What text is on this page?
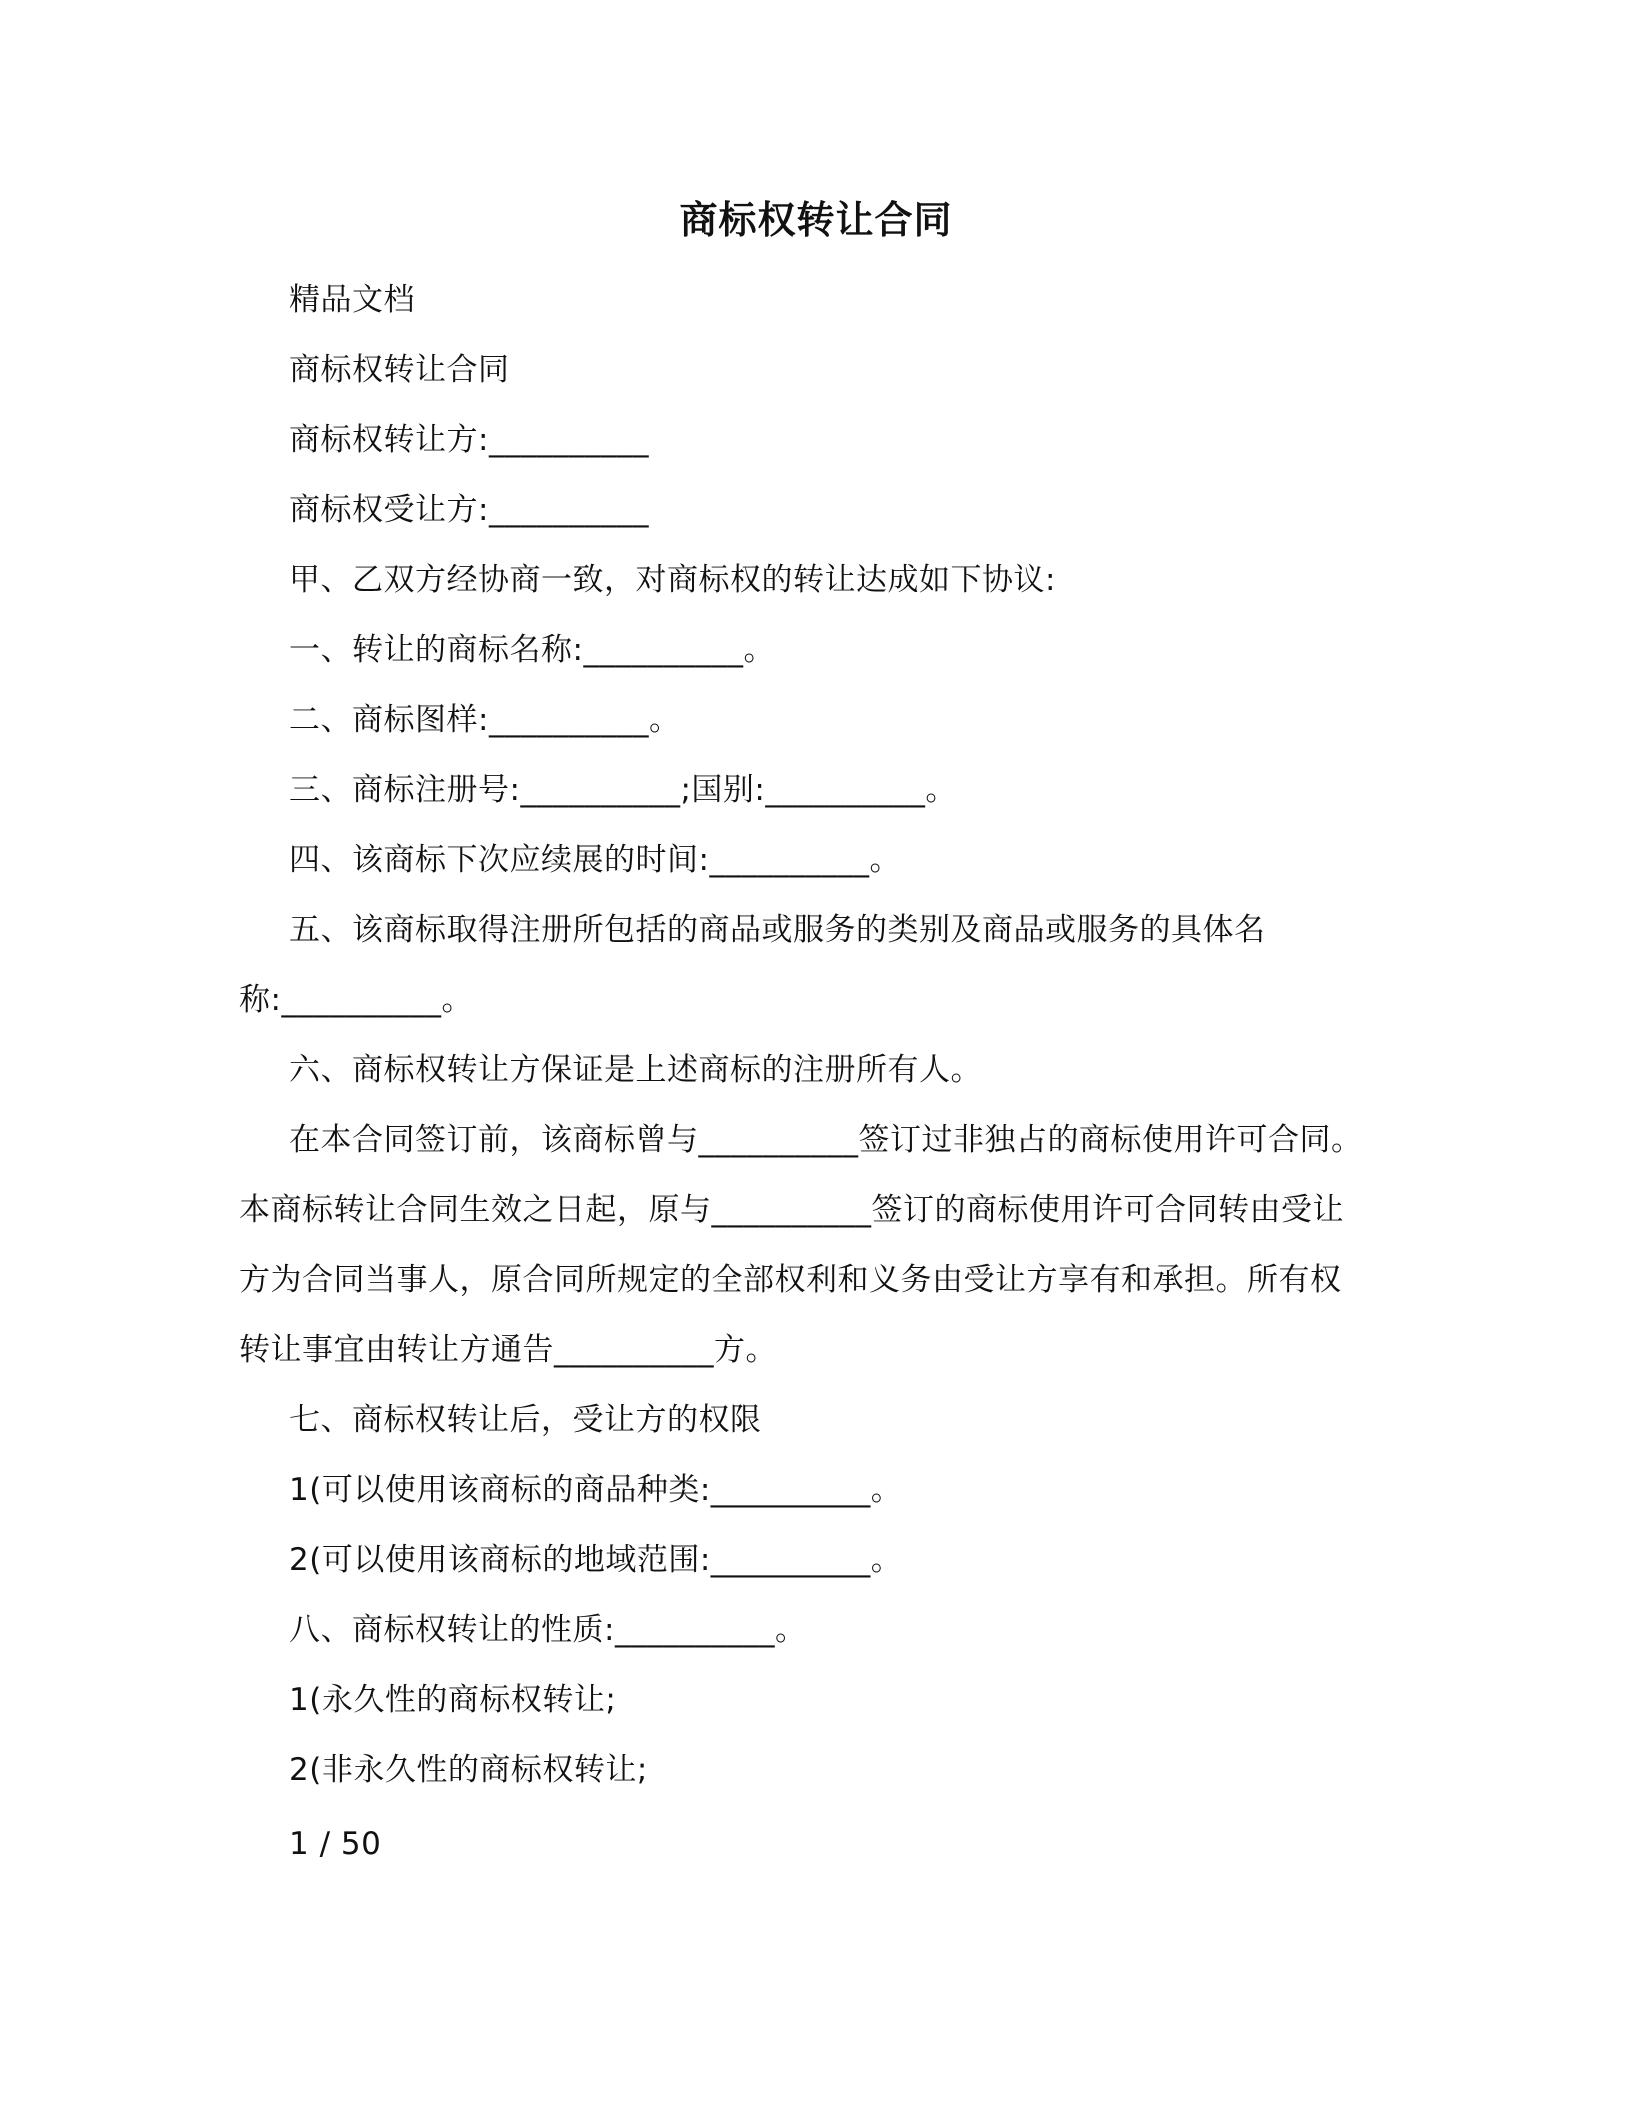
商标权转让合同
精品文档
商标权转让合同
商标权转让方:__________
商标权受让方:__________
甲、乙双方经协商一致，对商标权的转让达成如下协议:
一、转让的商标名称:__________。
二、商标图样:__________。
三、商标注册号:__________;国别:__________。
四、该商标下次应续展的时间:__________。
五、该商标取得注册所包括的商品或服务的类别及商品或服务的具体名
称:__________。
六、商标权转让方保证是上述商标的注册所有人。
在本合同签订前，该商标曾与__________签订过非独占的商标使用许可合同。
本商标转让合同生效之日起，原与__________签订的商标使用许可合同转由受让
方为合同当事人，原合同所规定的全部权利和义务由受让方享有和承担。所有权
转让事宜由转让方通告__________方。
七、商标权转让后，受让方的权限
1(可以使用该商标的商品种类:__________。
2(可以使用该商标的地域范围:__________。
八、商标权转让的性质:__________。
1(永久性的商标权转让;
2(非永久性的商标权转让;
1 / 50
